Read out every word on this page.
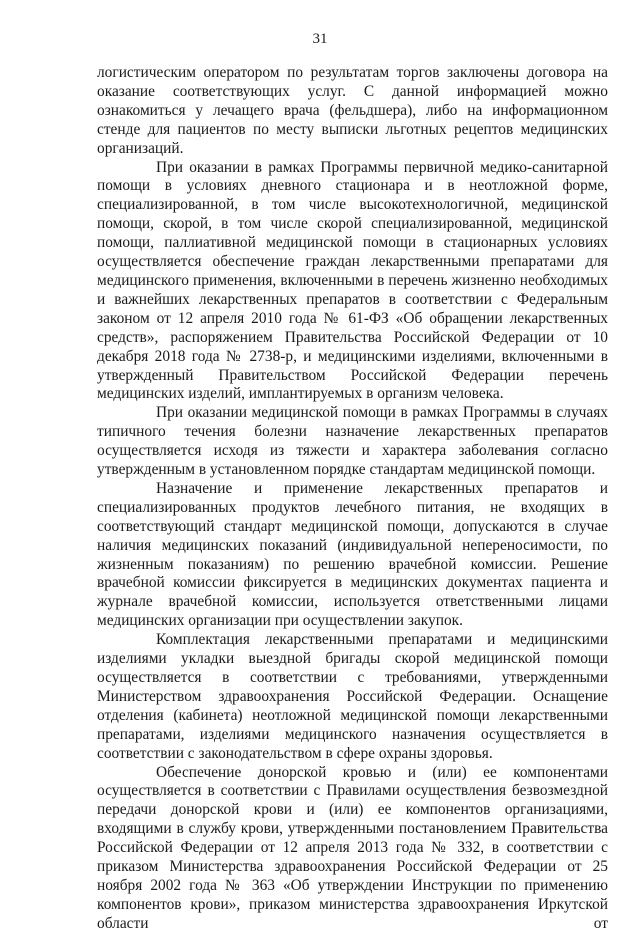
31

логистическим оператором по результатам торгов заключены договора на оказание соответствующих услуг. С данной информацией можно ознакомиться у лечащего врача (фельдшера), либо на информационном стенде для пациентов по месту выписки льготных рецептов медицинских организаций.

При оказании в рамках Программы первичной медико-санитарной помощи в условиях дневного стационара и в неотложной форме, специализированной, в том числе высокотехнологичной, медицинской помощи, скорой, в том числе скорой специализированной, медицинской помощи, паллиативной медицинской помощи в стационарных условиях осуществляется обеспечение граждан лекарственными препаратами для медицинского применения, включенными в перечень жизненно необходимых и важнейших лекарственных препаратов в соответствии с Федеральным законом от 12 апреля 2010 года № 61-ФЗ «Об обращении лекарственных средств», распоряжением Правительства Российской Федерации от 10 декабря 2018 года № 2738-р, и медицинскими изделиями, включенными в утвержденный Правительством Российской Федерации перечень медицинских изделий, имплантируемых в организм человека.

При оказании медицинской помощи в рамках Программы в случаях типичного течения болезни назначение лекарственных препаратов осуществляется исходя из тяжести и характера заболевания согласно утвержденным в установленном порядке стандартам медицинской помощи.

Назначение и применение лекарственных препаратов и специализированных продуктов лечебного питания, не входящих в соответствующий стандарт медицинской помощи, допускаются в случае наличия медицинских показаний (индивидуальной непереносимости, по жизненным показаниям) по решению врачебной комиссии. Решение врачебной комиссии фиксируется в медицинских документах пациента и журнале врачебной комиссии, используется ответственными лицами медицинских организации при осуществлении закупок.

Комплектация лекарственными препаратами и медицинскими изделиями укладки выездной бригады скорой медицинской помощи осуществляется в соответствии с требованиями, утвержденными Министерством здравоохранения Российской Федерации. Оснащение отделения (кабинета) неотложной медицинской помощи лекарственными препаратами, изделиями медицинского назначения осуществляется в соответствии с законодательством в сфере охраны здоровья.

Обеспечение донорской кровью и (или) ее компонентами осуществляется в соответствии с Правилами осуществления безвозмездной передачи донорской крови и (или) ее компонентов организациями, входящими в службу крови, утвержденными постановлением Правительства Российской Федерации от 12 апреля 2013 года № 332, в соответствии с приказом Министерства здравоохранения Российской Федерации от 25 ноября 2002 года № 363 «Об утверждении Инструкции по применению компонентов крови», приказом министерства здравоохранения Иркутской области от
